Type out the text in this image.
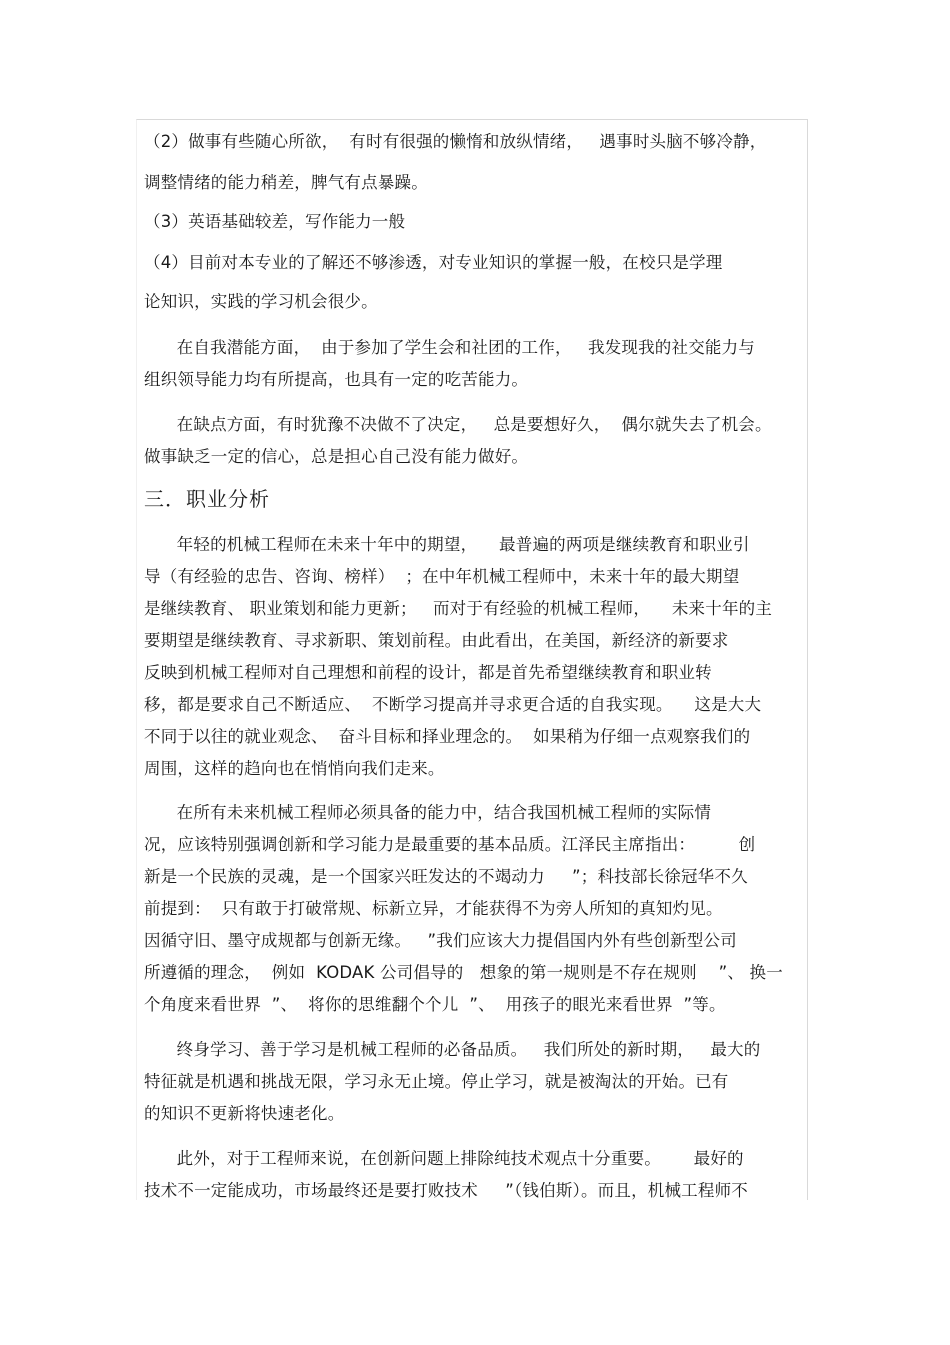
（2）做事有些随心所欲，  有时有很强的懒惰和放纵情绪，   遇事时头脑不够冷静，
调整情绪的能力稍差，脾气有点暴躁。
（3）英语基础较差，写作能力一般
（4）目前对本专业的了解还不够渗透，对专业知识的掌握一般，在校只是学理
论知识，实践的学习机会很少。
在自我潜能方面，  由于参加了学生会和社团的工作，   我发现我的社交能力与
组织领导能力均有所提高，也具有一定的吃苦能力。
在缺点方面，有时犹豫不决做不了决定，   总是要想好久，  偶尔就失去了机会。
做事缺乏一定的信心，总是担心自己没有能力做好。
三．职业分析
年轻的机械工程师在未来十年中的期望，    最普遍的两项是继续教育和职业引
导（有经验的忠告、咨询、榜样）  ；在中年机械工程师中，未来十年的最大期望
是继续教育、 职业策划和能力更新；   而对于有经验的机械工程师，    未来十年的主
要期望是继续教育、寻求新职、策划前程。由此看出，在美国，新经济的新要求
反映到机械工程师对自己理想和前程的设计，都是首先希望继续教育和职业转
移，都是要求自己不断适应、  不断学习提高并寻求更合适的自我实现。    这是大大
不同于以往的就业观念、  奋斗目标和择业理念的。  如果稍为仔细一点观察我们的
周围，这样的趋向也在悄悄向我们走来。
在所有未来机械工程师必须具备的能力中，结合我国机械工程师的实际情
况，应该特别强调创新和学习能力是最重要的基本品质。江泽民主席指出：        创
新是一个民族的灵魂，是一个国家兴旺发达的不竭动力     ”；科技部长徐冠华不久
前提到：  只有敢于打破常规、标新立异，才能获得不为旁人所知的真知灼见。
因循守旧、墨守成规都与创新无缘。   ”我们应该大力提倡国内外有些创新型公司
所遵循的理念，  例如  KODAK 公司倡导的   想象的第一规则是不存在规则    ”、 换一
个角度来看世界  ”、  将你的思维翻个个儿  ”、  用孩子的眼光来看世界  ”等。
终身学习、善于学习是机械工程师的必备品质。   我们所处的新时期，   最大的
特征就是机遇和挑战无限，学习永无止境。停止学习，就是被淘汰的开始。已有
的知识不更新将快速老化。
此外，对于工程师来说，在创新问题上排除纯技术观点十分重要。      最好的
技术不一定能成功，市场最终还是要打败技术     ”（钱伯斯）。而且，机械工程师不
